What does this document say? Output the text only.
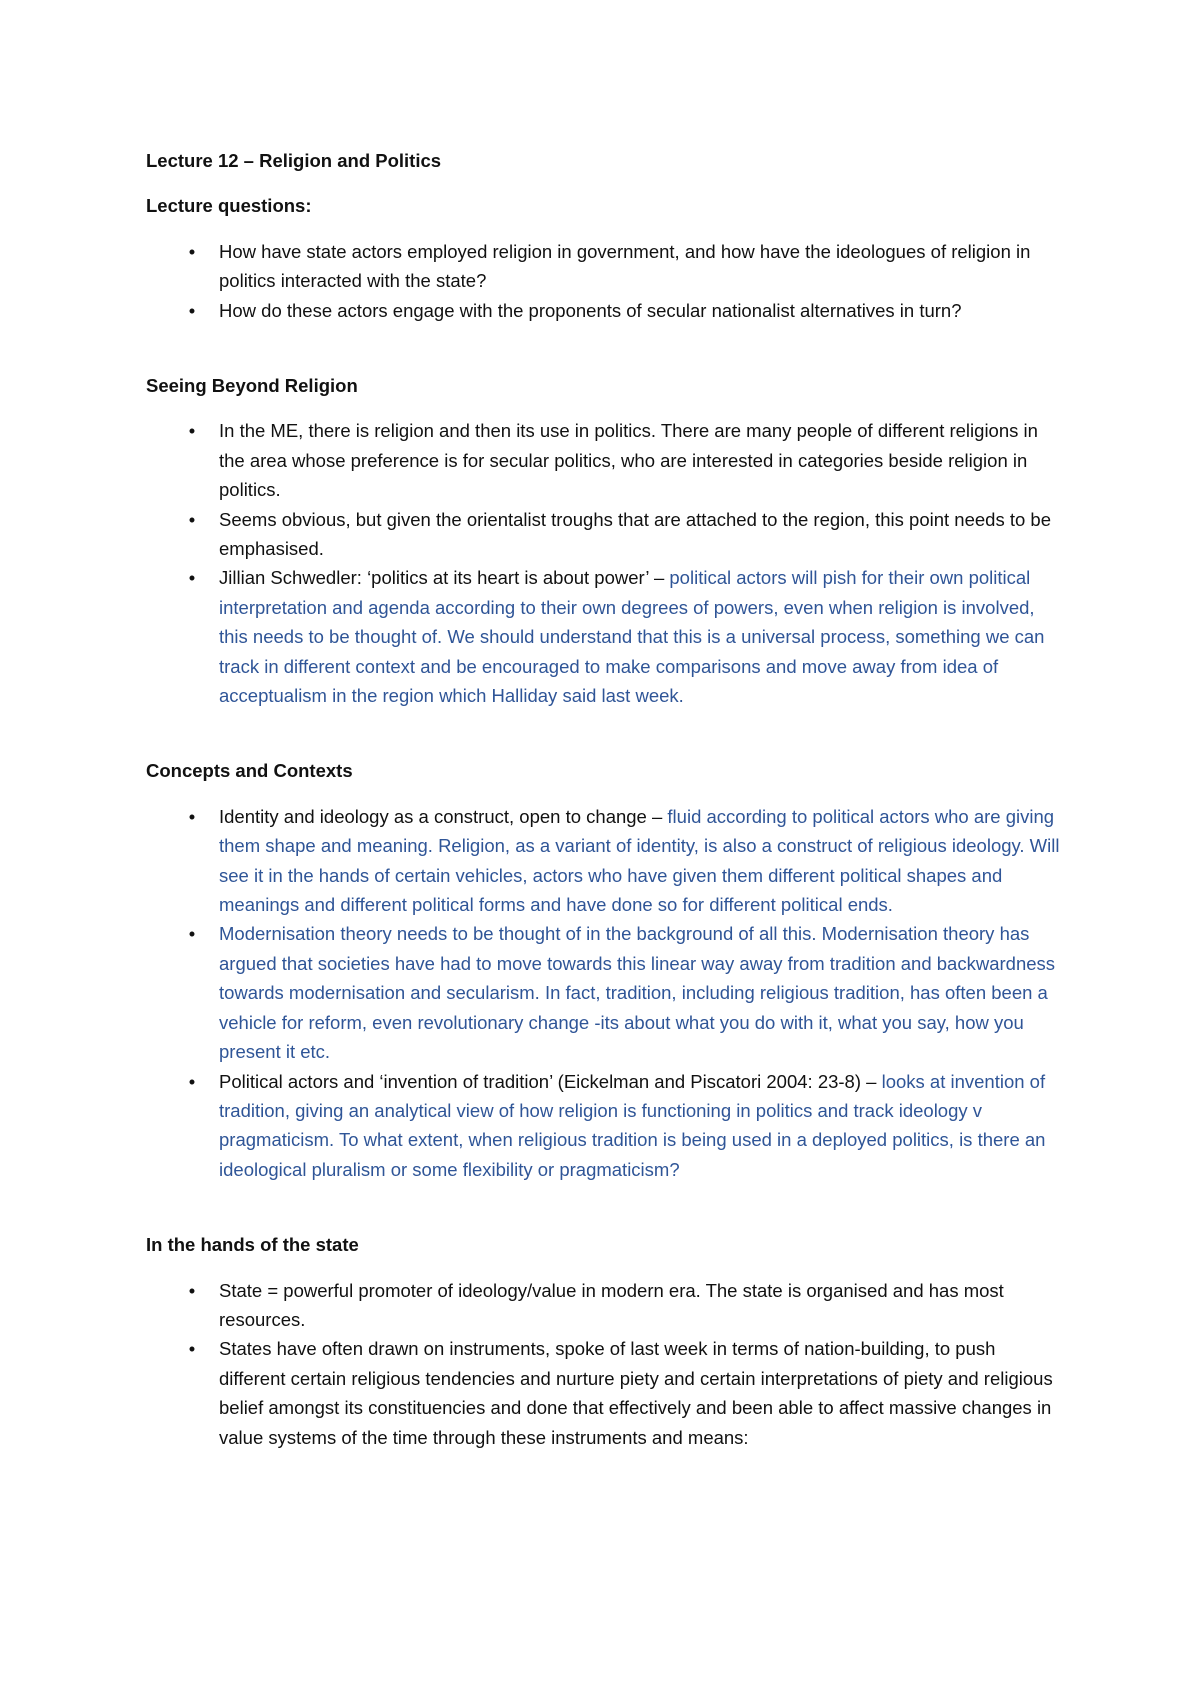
Lecture 12 – Religion and Politics

Lecture questions:

• How have state actors employed religion in government, and how have the ideologues of religion in politics interacted with the state?
• How do these actors engage with the proponents of secular nationalist alternatives in turn?

Seeing Beyond Religion

• In the ME, there is religion and then its use in politics. There are many people of different religions in the area whose preference is for secular politics, who are interested in categories beside religion in politics.
• Seems obvious, but given the orientalist troughs that are attached to the region, this point needs to be emphasised.
• Jillian Schwedler: ‘politics at its heart is about power’ – political actors will pish for their own political interpretation and agenda according to their own degrees of powers, even when religion is involved, this needs to be thought of. We should understand that this is a universal process, something we can track in different context and be encouraged to make comparisons and move away from idea of acceptualism in the region which Halliday said last week.

Concepts and Contexts

• Identity and ideology as a construct, open to change – fluid according to political actors who are giving them shape and meaning. Religion, as a variant of identity, is also a construct of religious ideology. Will see it in the hands of certain vehicles, actors who have given them different political shapes and meanings and different political forms and have done so for different political ends.
• Modernisation theory needs to be thought of in the background of all this. Modernisation theory has argued that societies have had to move towards this linear way away from tradition and backwardness towards modernisation and secularism. In fact, tradition, including religious tradition, has often been a vehicle for reform, even revolutionary change -its about what you do with it, what you say, how you present it etc.
• Political actors and ‘invention of tradition’ (Eickelman and Piscatori 2004: 23-8) – looks at invention of tradition, giving an analytical view of how religion is functioning in politics and track ideology v pragmaticism. To what extent, when religious tradition is being used in a deployed politics, is there an ideological pluralism or some flexibility or pragmaticism?

In the hands of the state

• State = powerful promoter of ideology/value in modern era. The state is organised and has most resources.
• States have often drawn on instruments, spoke of last week in terms of nation-building, to push different certain religious tendencies and nurture piety and certain interpretations of piety and religious belief amongst its constituencies and done that effectively and been able to affect massive changes in value systems of the time through these instruments and means:
